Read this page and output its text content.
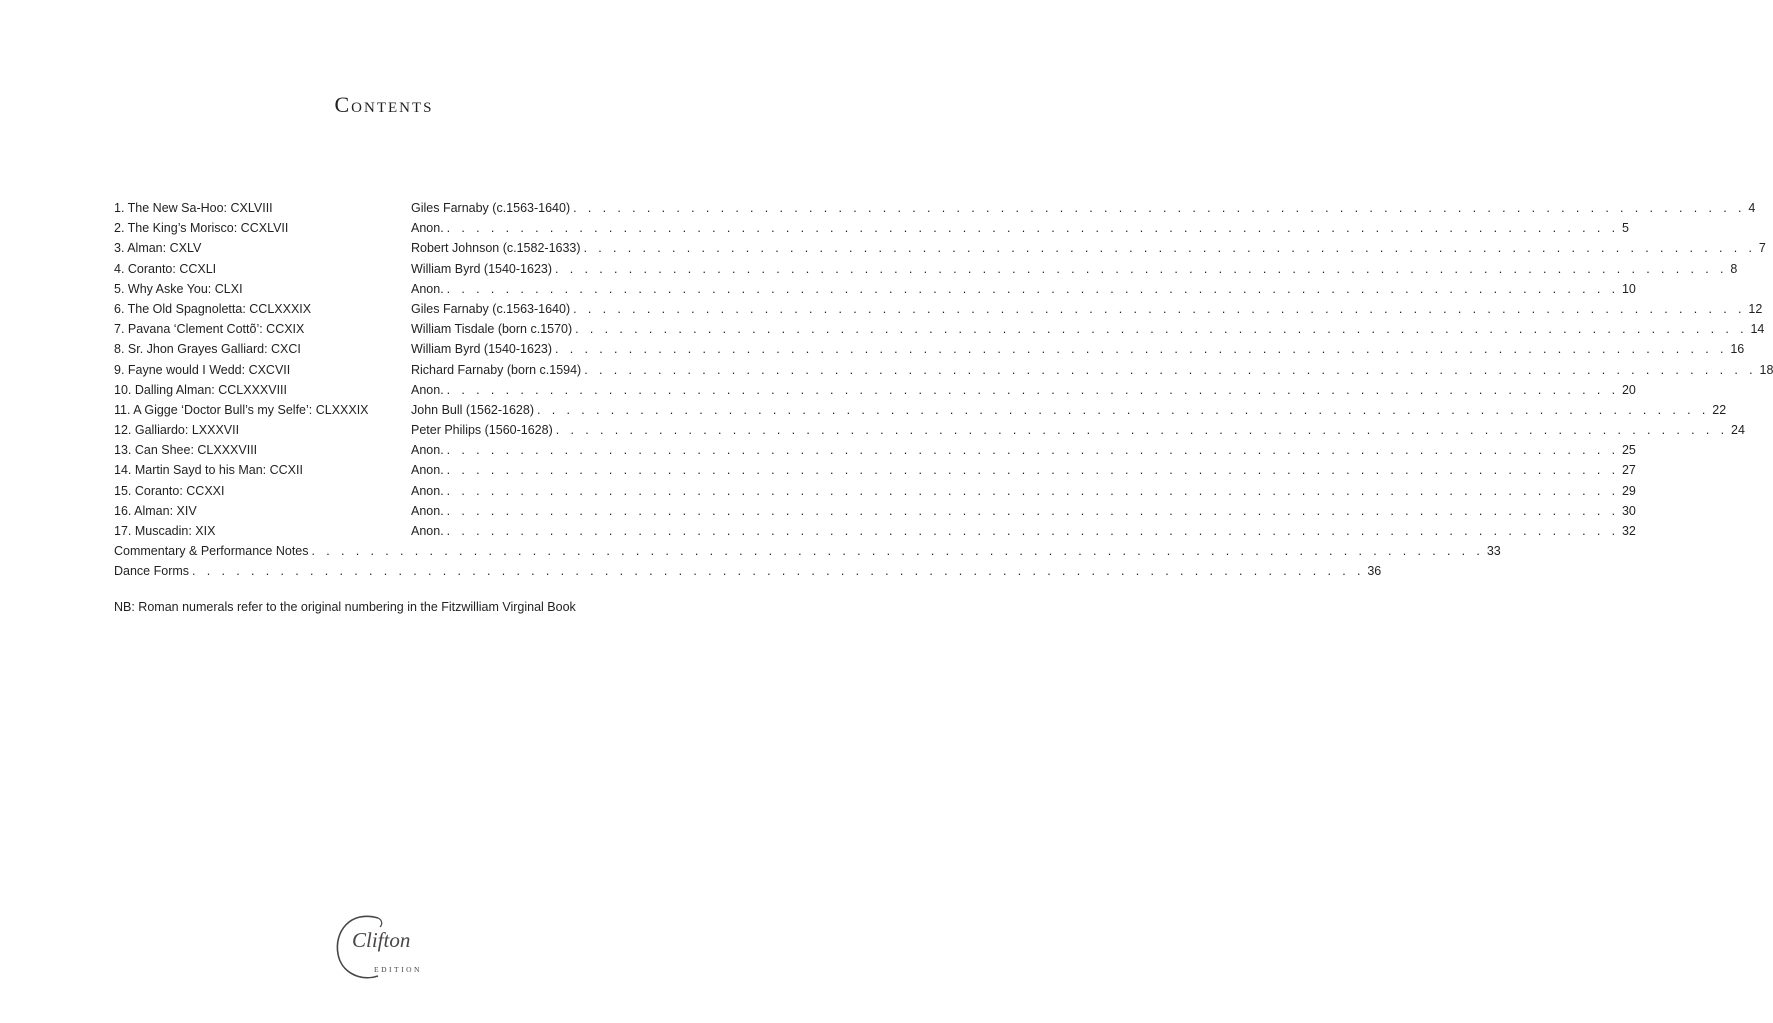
Contents
1. The New Sa-Hoo: CXLVIII	Giles Farnaby (c.1563-1640) . . . . . . . . . . . . . . . . . . . . . . . . . . . . . . . . . . . . . . . . . . . . . . . . . . . . . . . . . . . . . . . . . . . . . . . . . . . . . . . . 4
2. The King’s Morisco: CCXLVII	Anon. . . . . . . . . . . . . . . . . . . . . . . . . . . . . . . . . . . . . . . . . . . . . . . . . . . . . . . . . . . . . . . . . . . . . . . . . . . . . . . . . 5
3. Alman: CXLV	Robert Johnson (c.1582-1633) . . . . . . . . . . . . . . . . . . . . . . . . . . . . . . . . . . . . . . . . . . . . . . . . . . . . . . . . . . . . . . . . . . . . . . . . . . . . . . . . 7
4. Coranto: CCXLI	William Byrd (1540-1623) . . . . . . . . . . . . . . . . . . . . . . . . . . . . . . . . . . . . . . . . . . . . . . . . . . . . . . . . . . . . . . . . . . . . . . . . . . . . . . . . 8
5. Why Aske You: CLXI	Anon. . . . . . . . . . . . . . . . . . . . . . . . . . . . . . . . . . . . . . . . . . . . . . . . . . . . . . . . . . . . . . . . . . . . . . . . . . . . . . . . . 10
6. The Old Spagnoletta: CCLXXXIX	Giles Farnaby (c.1563-1640) . . . . . . . . . . . . . . . . . . . . . . . . . . . . . . . . . . . . . . . . . . . . . . . . . . . . . . . . . . . . . . . . . . . . . . . . . . . . . . . . 12
7. Pavana ‘Clement Cottõ’: CCXIX	William Tisdale (born c.1570) . . . . . . . . . . . . . . . . . . . . . . . . . . . . . . . . . . . . . . . . . . . . . . . . . . . . . . . . . . . . . . . . . . . . . . . . . . . . . . . . 14
8. Sr. Jhon Grayes Galliard: CXCI	William Byrd (1540-1623) . . . . . . . . . . . . . . . . . . . . . . . . . . . . . . . . . . . . . . . . . . . . . . . . . . . . . . . . . . . . . . . . . . . . . . . . . . . . . . . . 16
9. Fayne would I Wedd: CXCVII	Richard Farnaby (born c.1594) . . . . . . . . . . . . . . . . . . . . . . . . . . . . . . . . . . . . . . . . . . . . . . . . . . . . . . . . . . . . . . . . . . . . . . . . . . . . . . . . 18
10. Dalling Alman: CCLXXXVIII	Anon. . . . . . . . . . . . . . . . . . . . . . . . . . . . . . . . . . . . . . . . . . . . . . . . . . . . . . . . . . . . . . . . . . . . . . . . . . . . . . . . . 20
11. A Gigge ‘Doctor Bull’s my Selfe’: CLXXXIX	John Bull (1562-1628) . . . . . . . . . . . . . . . . . . . . . . . . . . . . . . . . . . . . . . . . . . . . . . . . . . . . . . . . . . . . . . . . . . . . . . . . . . . . . . . . 22
12. Galliardo: LXXXVII	Peter Philips (1560-1628) . . . . . . . . . . . . . . . . . . . . . . . . . . . . . . . . . . . . . . . . . . . . . . . . . . . . . . . . . . . . . . . . . . . . . . . . . . . . . . . . 24
13. Can Shee: CLXXXVIII	Anon. . . . . . . . . . . . . . . . . . . . . . . . . . . . . . . . . . . . . . . . . . . . . . . . . . . . . . . . . . . . . . . . . . . . . . . . . . . . . . . . . 25
14. Martin Sayd to his Man: CCXII	Anon. . . . . . . . . . . . . . . . . . . . . . . . . . . . . . . . . . . . . . . . . . . . . . . . . . . . . . . . . . . . . . . . . . . . . . . . . . . . . . . . . 27
15. Coranto: CCXXI	Anon. . . . . . . . . . . . . . . . . . . . . . . . . . . . . . . . . . . . . . . . . . . . . . . . . . . . . . . . . . . . . . . . . . . . . . . . . . . . . . . . . 29
16. Alman: XIV	Anon. . . . . . . . . . . . . . . . . . . . . . . . . . . . . . . . . . . . . . . . . . . . . . . . . . . . . . . . . . . . . . . . . . . . . . . . . . . . . . . . . 30
17. Muscadin: XIX	Anon. . . . . . . . . . . . . . . . . . . . . . . . . . . . . . . . . . . . . . . . . . . . . . . . . . . . . . . . . . . . . . . . . . . . . . . . . . . . . . . . . 32
Commentary & Performance Notes . . . . . . . . . . . . . . . . . . . . . . . . . . . . . . . . . . . . . . . . . . . . . . . . . . . . . . . . . . . . . . . . . . . . . . . . . . . . . . . . 33
Dance Forms . . . . . . . . . . . . . . . . . . . . . . . . . . . . . . . . . . . . . . . . . . . . . . . . . . . . . . . . . . . . . . . . . . . . . . . . . . . . . . . . 36
NB: Roman numerals refer to the original numbering in the Fitzwilliam Virginal Book
Clifton
EDITION
